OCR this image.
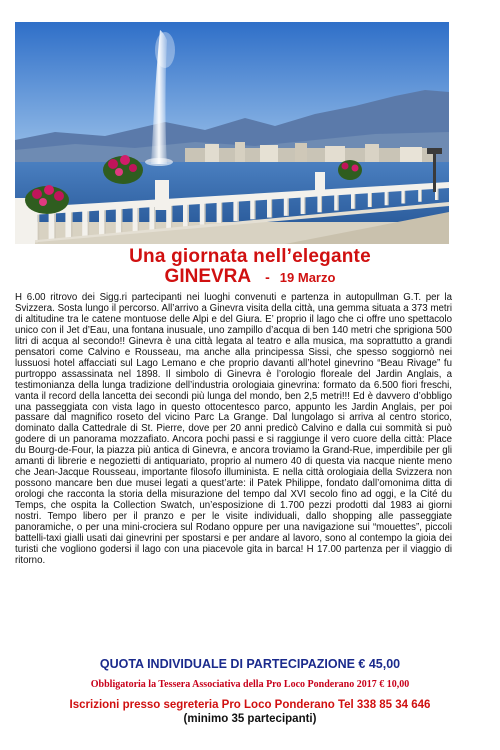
Una giornata nell’elegante
GINEVRA - 19 Marzo
H 6.00 ritrovo dei Sigg.ri partecipanti nei luoghi convenuti e partenza in autopullman G.T. per la Svizzera. Sosta lungo il percorso. All’arrivo a Ginevra visita della città, una gemma situata a 373 metri di altitudine tra le catene montuose delle Alpi e del Giura. E’ proprio il lago che ci offre uno spettacolo unico con il Jet d’Eau, una fontana inusuale, uno zampillo d’acqua di ben 140 metri che sprigiona 500 litri di acqua al secondo!! Ginevra è una città legata al teatro e alla musica, ma soprattutto a grandi pensatori come Calvino e Rousseau, ma anche alla principessa Sissi, che spesso soggiornò nei lussuosi hotel affacciati sul Lago Lemano e che proprio davanti all’hotel ginevrino “Beau Rivage” fu purtroppo assassinata nel 1898. Il simbolo di Ginevra è l’orologio floreale del Jardin Anglais, a testimonianza della lunga tradizione dell’industria orologiaia ginevrina: formato da 6.500 fiori freschi, vanta il record della lancetta dei secondi più lunga del mondo, ben 2,5 metri!!! Ed è davvero d’obbligo una passeggiata con vista lago in questo ottocentesco parco, appunto les Jardin Anglais, per poi passare dal magnifico roseto del vicino Parc La Grange. Dal lungolago si arriva al centro storico, dominato dalla Cattedrale di St. Pierre, dove per 20 anni predicò Calvino e dalla cui sommità si può godere di un panorama mozzafiato. Ancora pochi passi e si raggiunge il vero cuore della città: Place du Bourg-de-Four, la piazza più antica di Ginevra, e ancora troviamo la Grand-Rue, imperdibile per gli amanti di librerie e negozietti di antiquariato, proprio al numero 40 di questa via nacque niente meno che Jean-Jacque Rousseau, importante filosofo illuminista. E nella città orologiaia della Svizzera non possono mancare ben due musei legati a quest’arte: il Patek Philippe, fondato dall’omonima ditta di orologi che racconta la storia della misurazione del tempo dal XVI secolo fino ad oggi, e la Cité du Temps, che ospita la Collection Swatch, un’esposizione di 1.700 pezzi prodotti dal 1983 ai giorni nostri. Tempo libero per il pranzo e per le visite individuali, dallo shopping alle passeggiate panoramiche, o per una mini-crociera sul Rodano oppure per una navigazione sui “mouettes”, piccoli battelli-taxi gialli usati dai ginevrini per spostarsi e per andare al lavoro, sono al contempo la gioia dei turisti che vogliono godersi il lago con una piacevole gita in barca! H 17.00 partenza per il viaggio di ritorno.
QUOTA INDIVIDUALE DI PARTECIPAZIONE € 45,00
Obbligatoria la Tessera Associativa della Pro Loco Ponderano 2017 € 10,00
Iscrizioni presso segreteria Pro Loco Ponderano Tel 338 85 34 646
(minimo 35 partecipanti)
